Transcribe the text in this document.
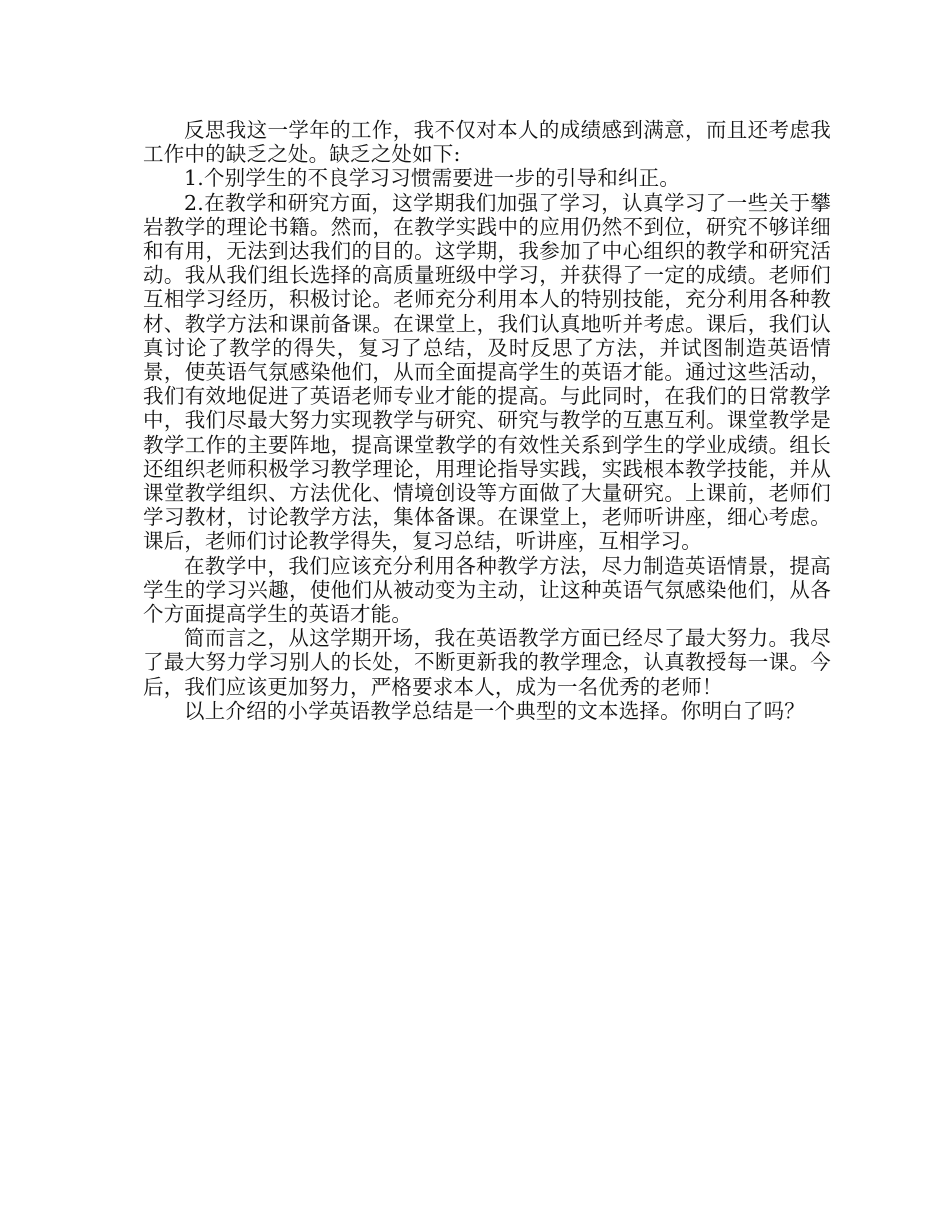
反思我这一学年的工作，我不仅对本人的成绩感到满意，而且还考虑我工作中的缺乏之处。缺乏之处如下:

1.个别学生的不良学习习惯需要进一步的引导和纠正。

2.在教学和研究方面，这学期我们加强了学习，认真学习了一些关于攀岩教学的理论书籍。然而，在教学实践中的应用仍然不到位，研究不够详细和有用，无法到达我们的目的。这学期，我参加了中心组织的教学和研究活动。我从我们组长选择的高质量班级中学习，并获得了一定的成绩。老师们互相学习经历，积极讨论。老师充分利用本人的特别技能，充分利用各种教材、教学方法和课前备课。在课堂上，我们认真地听并考虑。课后，我们认真讨论了教学的得失，复习了总结，及时反思了方法，并试图制造英语情景，使英语气氛感染他们，从而全面提高学生的英语才能。通过这些活动，我们有效地促进了英语老师专业才能的提高。与此同时，在我们的日常教学中，我们尽最大努力实现教学与研究、研究与教学的互惠互利。课堂教学是教学工作的主要阵地，提高课堂教学的有效性关系到学生的学业成绩。组长还组织老师积极学习教学理论，用理论指导实践，实践根本教学技能，并从课堂教学组织、方法优化、情境创设等方面做了大量研究。上课前，老师们学习教材，讨论教学方法，集体备课。在课堂上，老师听讲座，细心考虑。课后，老师们讨论教学得失，复习总结，听讲座，互相学习。

在教学中，我们应该充分利用各种教学方法，尽力制造英语情景，提高学生的学习兴趣，使他们从被动变为主动，让这种英语气氛感染他们，从各个方面提高学生的英语才能。

简而言之，从这学期开场，我在英语教学方面已经尽了最大努力。我尽了最大努力学习别人的长处，不断更新我的教学理念，认真教授每一课。今后，我们应该更加努力，严格要求本人，成为一名优秀的老师！

以上介绍的小学英语教学总结是一个典型的文本选择。你明白了吗？
